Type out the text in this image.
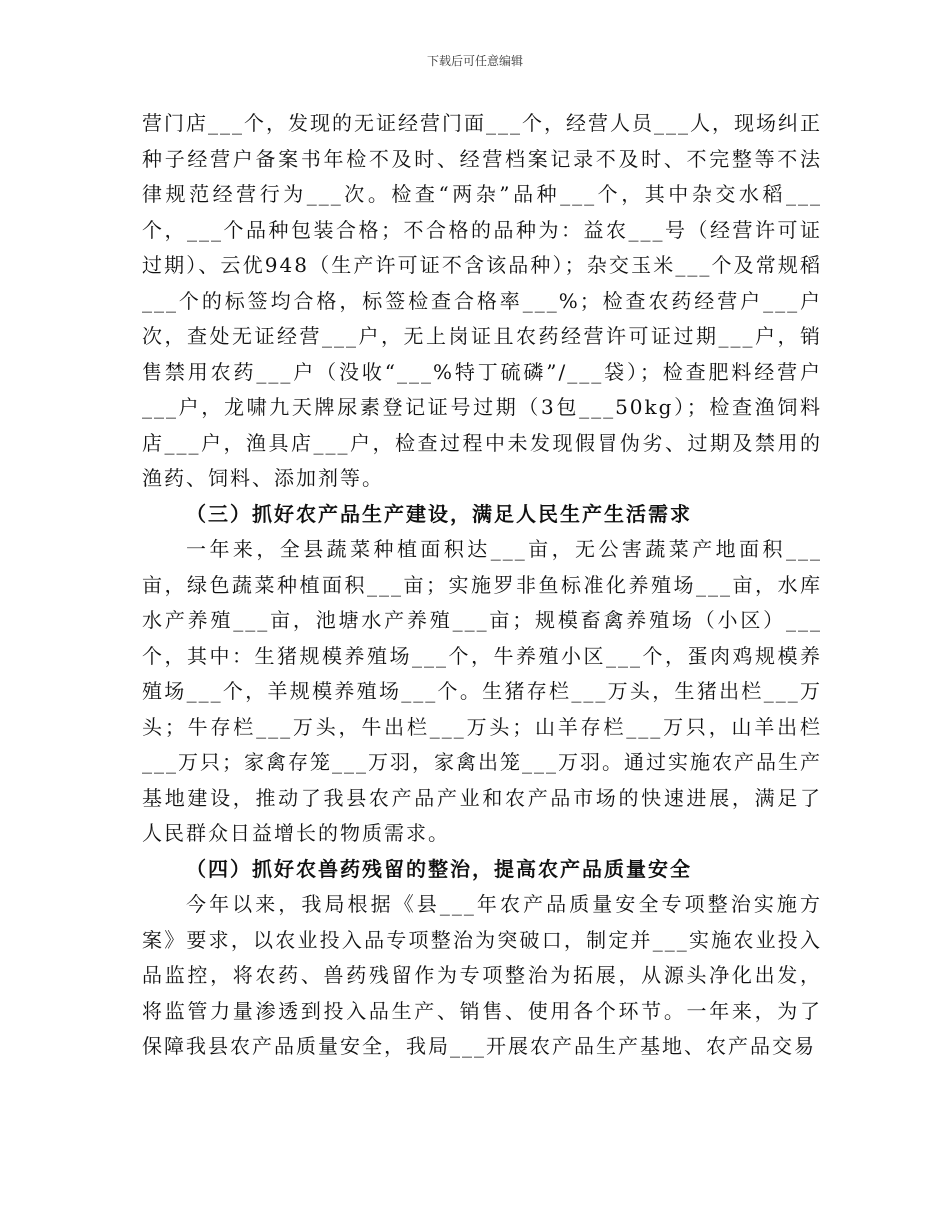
下载后可任意编辑

营门店___个，发现的无证经营门面___个，经营人员___人，现场纠正种子经营户备案书年检不及时、经营档案记录不及时、不完整等不法律规范经营行为___次。检查“两杂”品种___个，其中杂交水稻___个，___个品种包装合格；不合格的品种为：益农___号（经营许可证过期）、云优948（生产许可证不含该品种）；杂交玉米___个及常规稻___个的标签均合格，标签检查合格率___%；检查农药经营户___户次，查处无证经营___户，无上岗证且农药经营许可证过期___户，销售禁用农药___户（没收“___%特丁硫磷”/___袋）；检查肥料经营户___户，龙啸九天牌尿素登记证号过期（3包___50kg）；检查渔饲料店___户，渔具店___户，检查过程中未发现假冒伪劣、过期及禁用的渔药、饲料、添加剂等。

（三）抓好农产品生产建设，满足人民生产生活需求

一年来，全县蔬菜种植面积达___亩，无公害蔬菜产地面积___亩，绿色蔬菜种植面积___亩；实施罗非鱼标准化养殖场___亩，水库水产养殖___亩，池塘水产养殖___亩；规模畜禽养殖场（小区）___个，其中：生猪规模养殖场___个，牛养殖小区___个，蛋肉鸡规模养殖场___个，羊规模养殖场___个。生猪存栏___万头，生猪出栏___万头；牛存栏___万头，牛出栏___万头；山羊存栏___万只，山羊出栏___万只；家禽存笼___万羽，家禽出笼___万羽。通过实施农产品生产基地建设，推动了我县农产品产业和农产品市场的快速进展，满足了人民群众日益增长的物质需求。

（四）抓好农兽药残留的整治，提高农产品质量安全

今年以来，我局根据《县___年农产品质量安全专项整治实施方案》要求，以农业投入品专项整治为突破口，制定并___实施农业投入品监控，将农药、兽药残留作为专项整治为拓展，从源头净化出发，将监管力量渗透到投入品生产、销售、使用各个环节。一年来，为了保障我县农产品质量安全，我局___开展农产品生产基地、农产品交易
